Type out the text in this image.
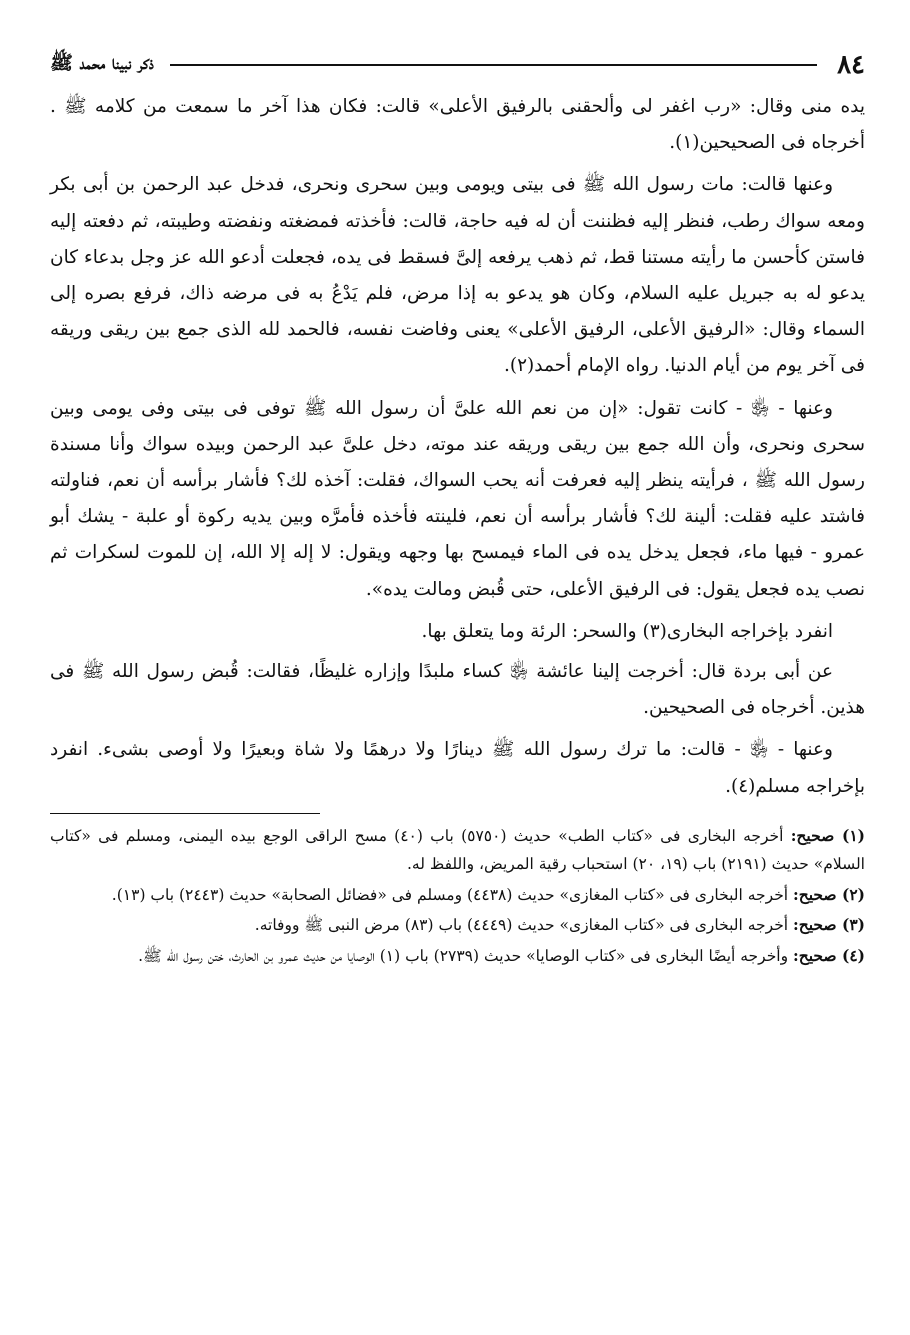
٨٤
ذكر نبينا محمد ﷺ

يده منى وقال: «رب اغفر لى وألحقنى بالرفيق الأعلى» قالت: فكان هذا آخر ما سمعت من كلامه ﷺ . أخرجاه فى الصحيحين(١).

وعنها قالت: مات رسول الله ﷺ فى بيتى ويومى وبين سحرى ونحرى، فدخل عبد الرحمن بن أبى بكر ومعه سواك رطب، فنظر إليه فظننت أن له فيه حاجة، قالت: فأخذته فمضغته ونفضته وطيبته، ثم دفعته إليه فاستن كأحسن ما رأيته مستنا قط، ثم ذهب يرفعه إلىَّ فسقط فى يده، فجعلت أدعو الله عز وجل بدعاء كان يدعو له به جبريل عليه السلام، وكان هو يدعو به إذا مرض، فلم يَدْعُ به فى مرضه ذاك، فرفع بصره إلى السماء وقال: «الرفيق الأعلى، الرفيق الأعلى» يعنى وفاضت نفسه، فالحمد لله الذى جمع بين ريقى وريقه فى آخر يوم من أيام الدنيا. رواه الإمام أحمد(٢).

وعنها - ﵂ - كانت تقول: «إن من نعم الله علىَّ أن رسول الله ﷺ توفى فى بيتى وفى يومى وبين سحرى ونحرى، وأن الله جمع بين ريقى وريقه عند موته، دخل علىَّ عبد الرحمن وبيده سواك وأنا مسندة رسول الله ﷺ ، فرأيته ينظر إليه فعرفت أنه يحب السواك، فقلت: آخذه لك؟ فأشار برأسه أن نعم، فناولته فاشتد عليه فقلت: ألينة لك؟ فأشار برأسه أن نعم، فلينته فأخذه فأمرَّه وبين يديه ركوة أو علبة - يشك أبو عمرو - فيها ماء، فجعل يدخل يده فى الماء فيمسح بها وجهه ويقول: لا إله إلا الله، إن للموت لسكرات ثم نصب يده فجعل يقول: فى الرفيق الأعلى، حتى قُبض ومالت يده».

انفرد بإخراجه البخارى(٣) والسحر: الرئة وما يتعلق بها.

عن أبى بردة قال: أخرجت إلينا عائشة ﵂ كساء ملبدًا وإزاره غليظًا، فقالت: قُبض رسول الله ﷺ فى هذين. أخرجاه فى الصحيحين.

وعنها - ﵂ - قالت: ما ترك رسول الله ﷺ دينارًا ولا درهمًا ولا شاة وبعيرًا ولا أوصى بشىء. انفرد بإخراجه مسلم(٤).

(١) صحيح: أخرجه البخارى فى «كتاب الطب» حديث (٥٧٥٠) باب (٤٠) مسح الراقى الوجع بيده اليمنى، ومسلم فى «كتاب السلام» حديث (٢١٩١) باب (١٩، ٢٠) استحباب رقية المريض، واللفظ له.

(٢) صحيح: أخرجه البخارى فى «كتاب المغازى» حديث (٤٤٣٨) ومسلم فى «فضائل الصحابة» حديث (٢٤٤٣) باب (١٣).

(٣) صحيح: أخرجه البخارى فى «كتاب المغازى» حديث (٤٤٤٩) باب (٨٣) مرض النبى ﷺ ووفاته.

(٤) صحيح: وأخرجه أيضًا البخارى فى «كتاب الوصايا» حديث (٢٧٣٩) باب (١) الوصايا من حديث عمرو بن الحارث، ختن رسول الله ﷺ.
